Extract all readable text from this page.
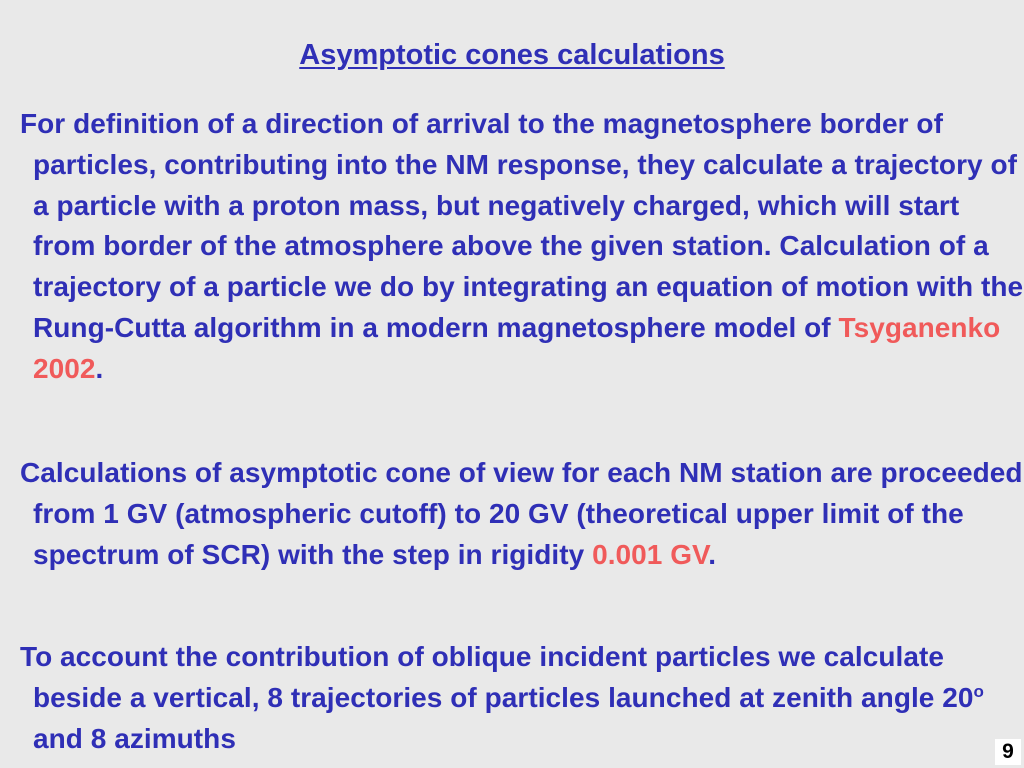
Asymptotic cones calculations

For definition of a direction of arrival to the magnetosphere border of particles, contributing into the NM response, they calculate a trajectory of a particle with a proton mass, but negatively charged, which will start from border of the atmosphere above the given station. Calculation of a trajectory of a particle we do by integrating an equation of motion with the Rung-Cutta algorithm in a modern magnetosphere model of Tsyganenko 2002.

Calculations of asymptotic cone of view for each NM station are proceeded from 1 GV (atmospheric cutoff) to 20 GV (theoretical upper limit of the spectrum of SCR) with the step in rigidity 0.001 GV.

To account the contribution of oblique incident particles we calculate beside a vertical, 8 trajectories of particles launched at zenith angle 20$^o$ and 8 azimuths	9
